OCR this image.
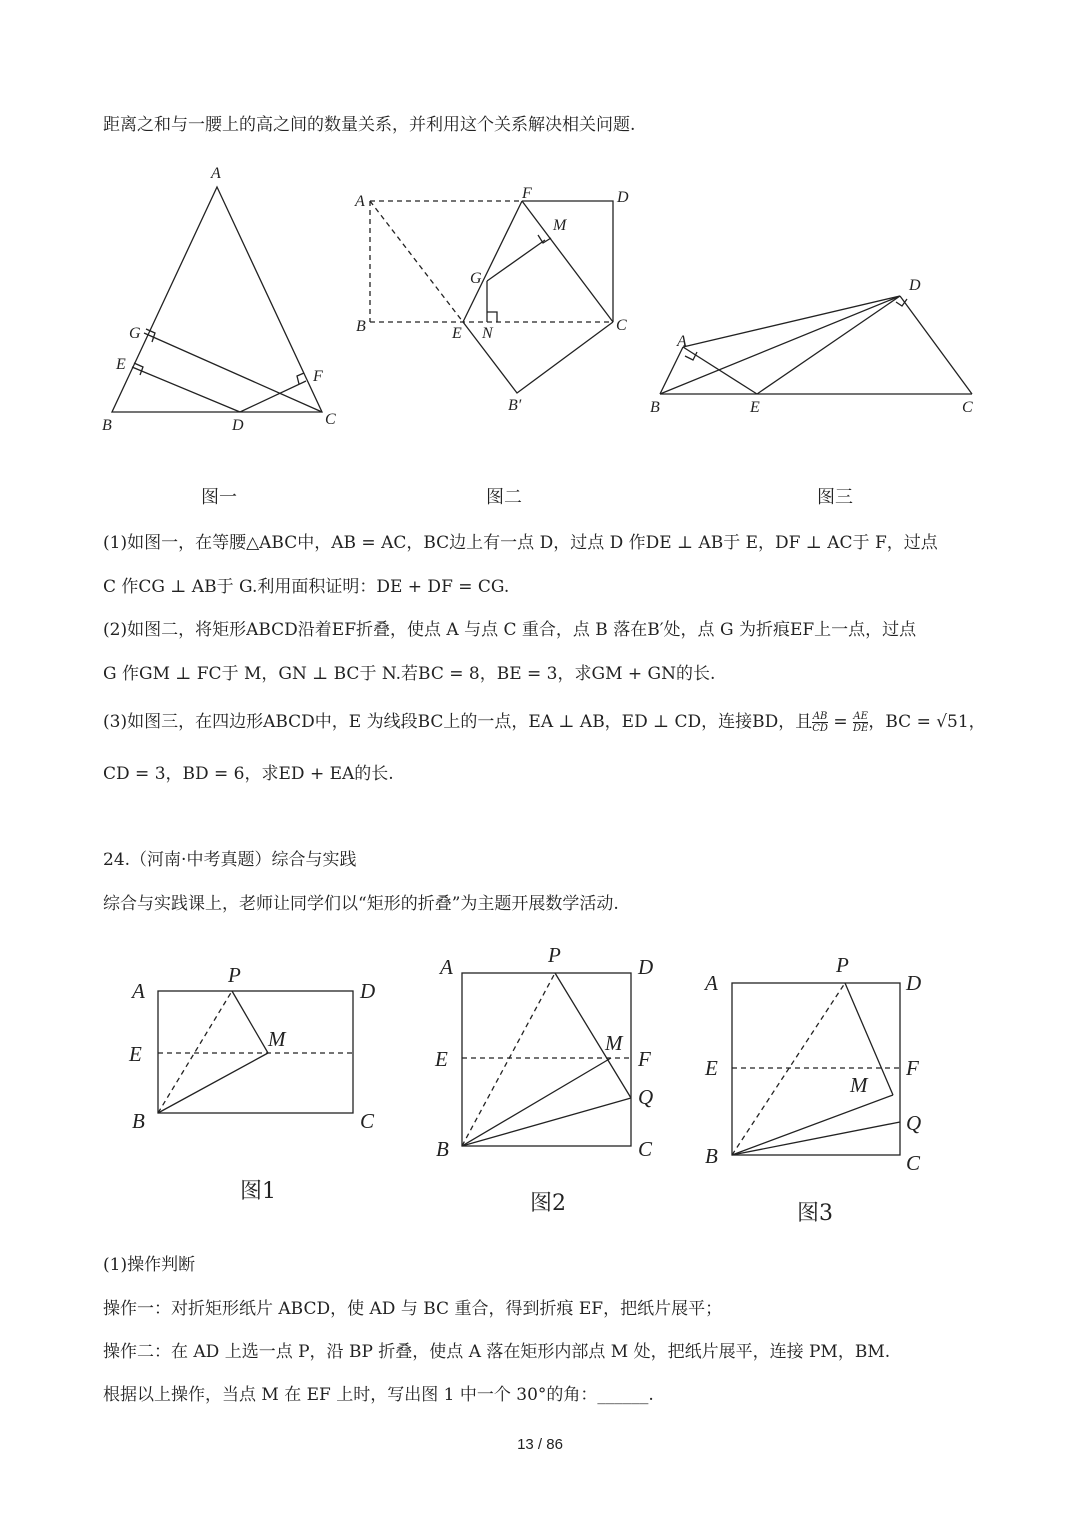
距离之和与一腰上的高之间的数量关系，并利用这个关系解决相关问题.
A
B	C
D
E
F
G
A	F	D
M
G
B	E N	C
B′
D
A
B	E	C
A
P
D
E
M
B	C
A	P	D
E
M
F
Q
B	C
A
P
D
E	F
M
Q
B	C
图一	图二	图三
(1)如图一，在等腰△ABC中，AB = AC，BC边上有一点 D，过点 D 作DE ⊥ AB于 E，DF ⊥ AC于 F，过点
C 作CG ⊥ AB于 G.利用面积证明：DE + DF = CG.
(2)如图二，将矩形ABCD沿着EF折叠，使点 A 与点 C 重合，点 B 落在B′处，点 G 为折痕EF上一点，过点
G 作GM ⊥ FC于 M，GN ⊥ BC于 N.若BC = 8，BE = 3，求GM + GN的长.
(3)如图三，在四边形ABCD中，E 为线段BC上的一点，EA ⊥ AB，ED ⊥ CD，连接BD，且 $\frac{AB}{CD} = \frac{AE}{DE}$ ，BC = √51，
CD = 3，BD = 6，求ED + EA的长.
24.（河南·中考真题）综合与实践
综合与实践课上，老师让同学们以“矩形的折叠”为主题开展数学活动.
图1	图2	图3
(1)操作判断
操作一：对折矩形纸片 ABCD，使 AD 与 BC 重合，得到折痕 EF，把纸片展平；
操作二：在 AD 上选一点 P，沿 BP 折叠，使点 A 落在矩形内部点 M 处，把纸片展平，连接 PM，BM.
根据以上操作，当点 M 在 EF 上时，写出图 1 中一个 30°的角：______.
13 / 86
